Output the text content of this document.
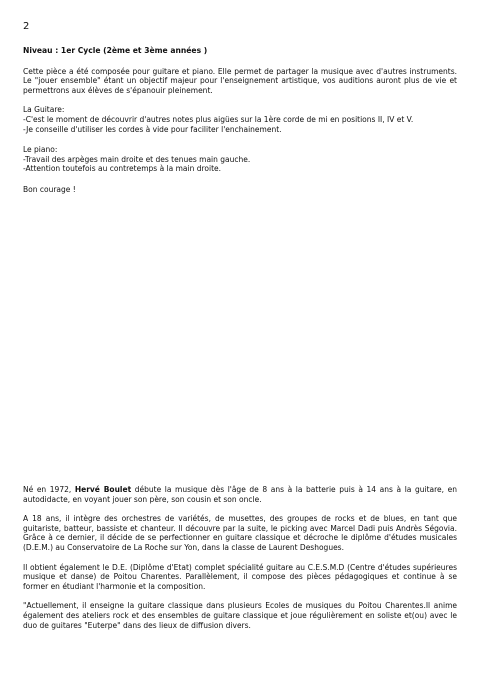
2

Niveau : 1er Cycle (2ème et 3ème années )

Cette pièce a été composée pour guitare et piano. Elle permet de partager la musique avec d'autres instruments. Le "jouer ensemble" étant un objectif majeur pour l'enseignement artistique, vos auditions auront plus de vie et permettrons aux élèves de s'épanouir pleinement.

La Guitare:

-C'est le moment de découvrir d'autres notes plus aigües sur la 1ère corde de mi en positions II, IV et V.

-Je conseille d'utiliser les cordes à vide pour faciliter l'enchainement.

Le piano:

-Travail des arpèges main droite et des tenues main gauche.

-Attention toutefois au contretemps à la main droite.

Bon courage !

Né en 1972, Hervé Boulet débute la musique dès l'âge de 8 ans à la batterie puis à 14 ans à la guitare, en autodidacte, en voyant jouer son père, son cousin et son oncle.

A 18 ans, il intègre des orchestres de variétés, de musettes, des groupes de rocks et de blues, en tant que guitariste, batteur, bassiste et chanteur. Il découvre par la suite, le picking avec Marcel Dadi puis Andrès Ségovia. Grâce à ce dernier, il décide de se perfectionner en guitare classique et décroche le diplôme d'études musicales (D.E.M.) au Conservatoire de La Roche sur Yon, dans la classe de Laurent Deshogues.

Il obtient également le D.E. (Diplôme d'Etat) complet spécialité guitare au C.E.S.M.D (Centre d'études supérieures musique et danse) de Poitou Charentes. Parallèlement, il compose des pièces pédagogiques et continue à se former en étudiant l'harmonie et la composition.

"Actuellement, il enseigne la guitare classique dans plusieurs Ecoles de musiques du Poitou Charentes.Il anime également des ateliers rock et des ensembles de guitare classique et joue régulièrement en soliste et(ou) avec le duo de guitares "Euterpe" dans des lieux de diffusion divers.
